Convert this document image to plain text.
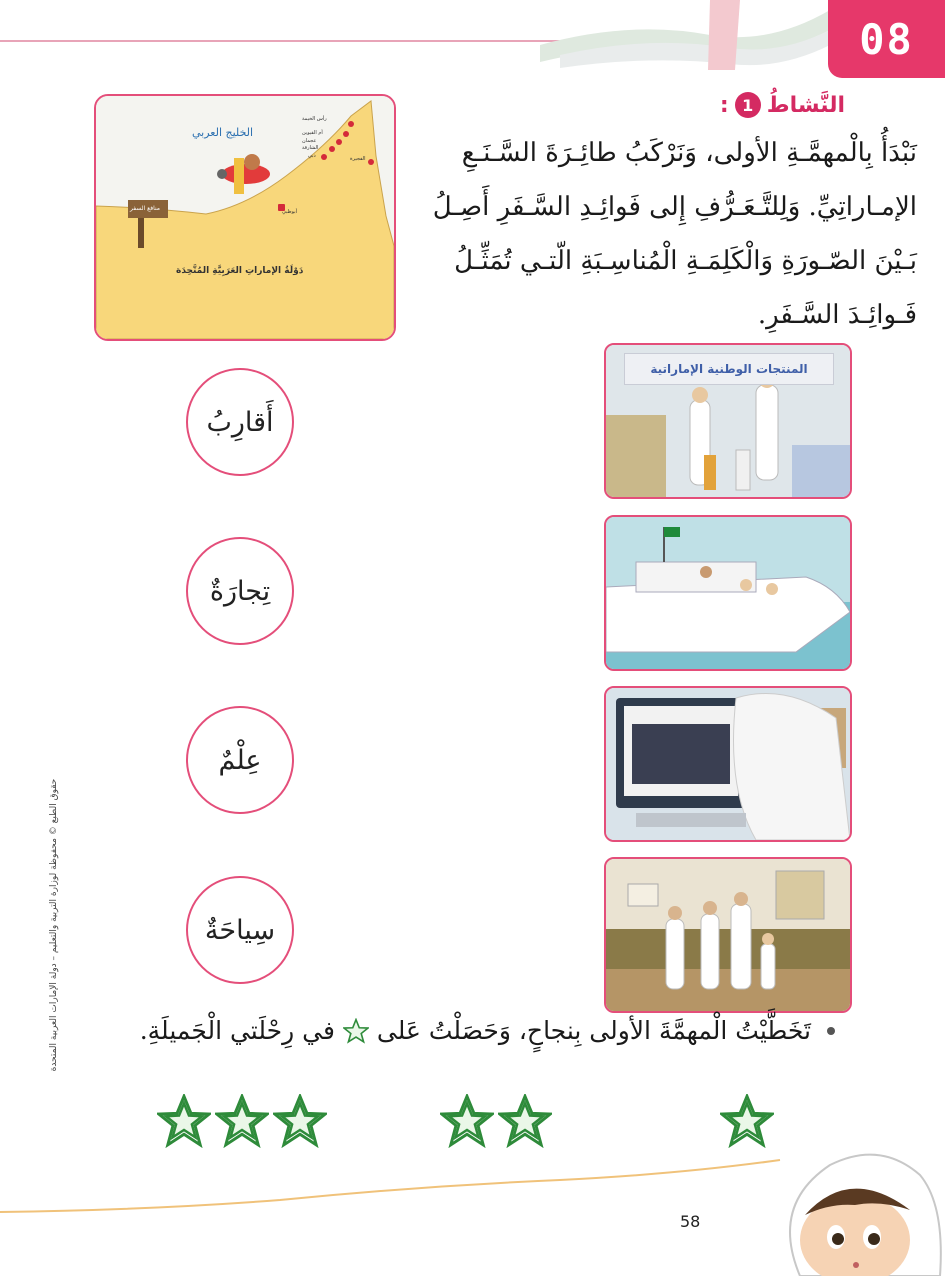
08
الخليج العربي
دَوْلَةُ الإماراتِ العَرَبِيَّةِ المُتَّحِدَة
منافع السفر
رأس الخيمة
أم القيوين
عجمان
الشارقة
دبي	الفجيرة
أبوظبي
النَّشاطُ
1
:
نَبْدَأُ بِالْمهمَّـةِ الأولى، وَنَرْكَبُ طائِـرَةَ السَّـنَـعِ
الإمـاراتِيِّ. وَلِلتَّـعَـرُّفِ إِلى فَوائِـدِ السَّـفَرِ أَصِـلُ
بَـيْنَ الصّـورَةِ وَالْكَلِمَـةِ الْمُناسِـبَةِ الّتـي تُمَثِّـلُ
فَـوائِـدَ السَّـفَرِ.
المنتجات الوطنية الإماراتية
أَقارِبُ
تِجارَةٌ
عِلْمٌ
سِياحَةٌ
تَخَطَّيْتُ الْمهمَّةَ الأولى بِنجاحٍ، وَحَصَلْتُ عَلى
في رِحْلَتي الْجَميلَةِ.
حقوق الطبع © محفوظة لوزارة التربية والتعليم – دولة الإمارات العربية المتحدة
58
